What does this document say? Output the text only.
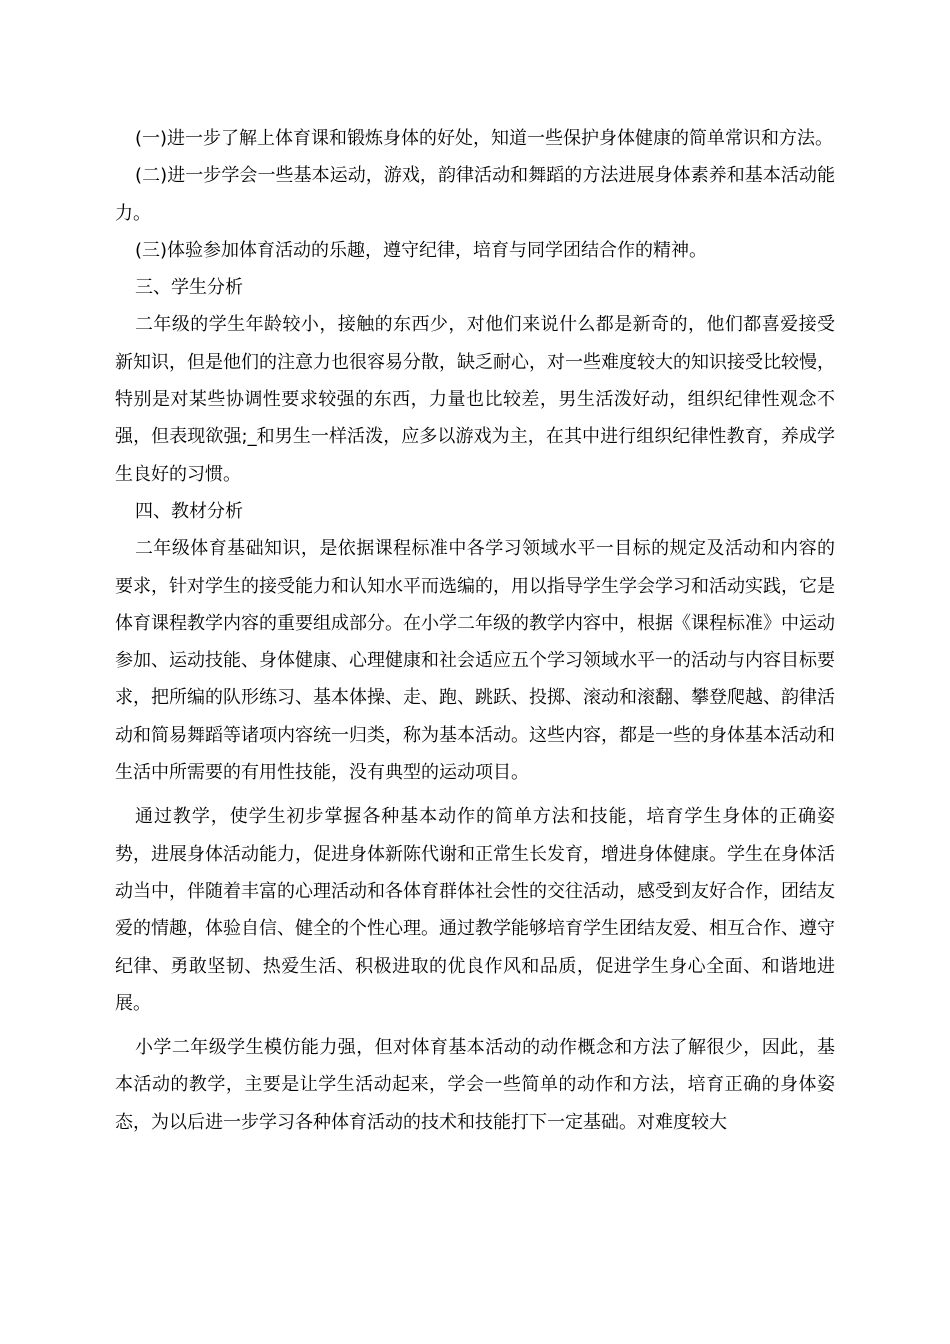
(一)进一步了解上体育课和锻炼身体的好处，知道一些保护身体健康的简单常识和方法。

(二)进一步学会一些基本运动，游戏，韵律活动和舞蹈的方法进展身体素养和基本活动能力。

(三)体验参加体育活动的乐趣，遵守纪律，培育与同学团结合作的精神。

三、学生分析

二年级的学生年龄较小，接触的东西少，对他们来说什么都是新奇的，他们都喜爱接受新知识，但是他们的注意力也很容易分散，缺乏耐心，对一些难度较大的知识接受比较慢，特别是对某些协调性要求较强的东西，力量也比较差，男生活泼好动，组织纪律性观念不强，但表现欲强;_和男生一样活泼，应多以游戏为主，在其中进行组织纪律性教育，养成学生良好的习惯。

四、教材分析

二年级体育基础知识，是依据课程标准中各学习领域水平一目标的规定及活动和内容的要求，针对学生的接受能力和认知水平而选编的，用以指导学生学会学习和活动实践，它是体育课程教学内容的重要组成部分。在小学二年级的教学内容中，根据《课程标准》中运动参加、运动技能、身体健康、心理健康和社会适应五个学习领域水平一的活动与内容目标要求，把所编的队形练习、基本体操、走、跑、跳跃、投掷、滚动和滚翻、攀登爬越、韵律活动和简易舞蹈等诸项内容统一归类，称为基本活动。这些内容，都是一些的身体基本活动和生活中所需要的有用性技能，没有典型的运动项目。

通过教学，使学生初步掌握各种基本动作的简单方法和技能，培育学生身体的正确姿势，进展身体活动能力，促进身体新陈代谢和正常生长发育，增进身体健康。学生在身体活动当中，伴随着丰富的心理活动和各体育群体社会性的交往活动，感受到友好合作，团结友爱的情趣，体验自信、健全的个性心理。通过教学能够培育学生团结友爱、相互合作、遵守纪律、勇敢坚韧、热爱生活、积极进取的优良作风和品质，促进学生身心全面、和谐地进展。

小学二年级学生模仿能力强，但对体育基本活动的动作概念和方法了解很少，因此，基本活动的教学，主要是让学生活动起来，学会一些简单的动作和方法，培育正确的身体姿态，为以后进一步学习各种体育活动的技术和技能打下一定基础。对难度较大
